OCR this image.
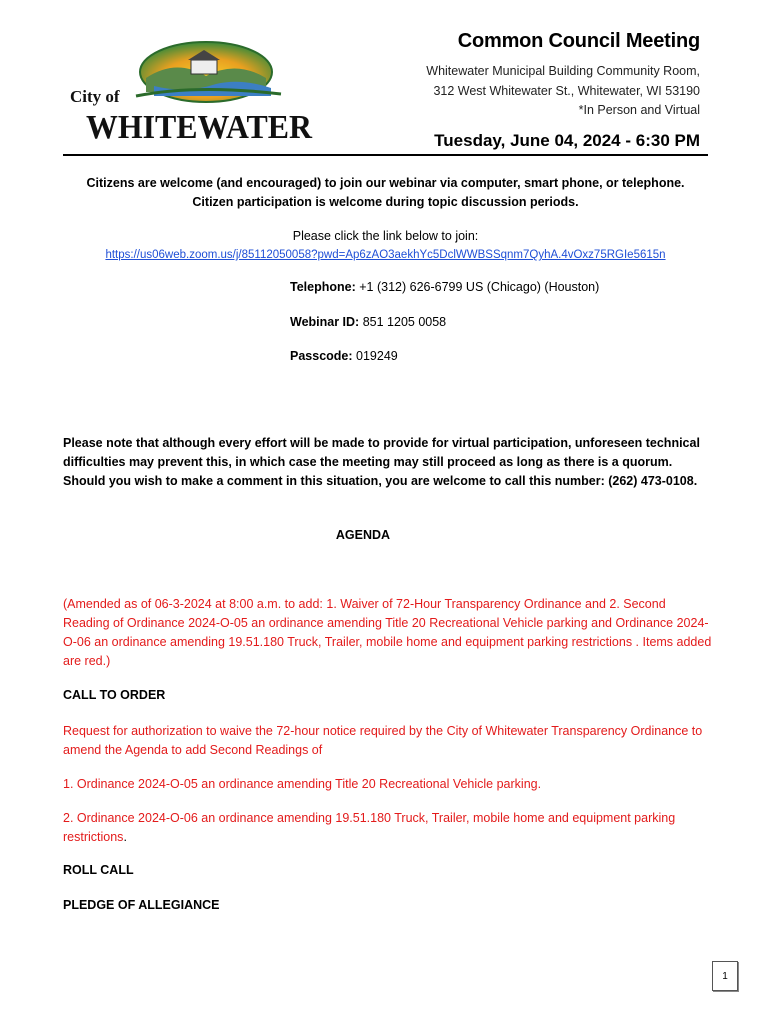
City of
WHITEWATER
Common Council Meeting
Whitewater Municipal Building Community Room,
312 West Whitewater St., Whitewater, WI 53190
*In Person and Virtual
Tuesday, June 04, 2024 - 6:30 PM
Citizens are welcome (and encouraged) to join our webinar via computer, smart phone, or telephone.
Citizen participation is welcome during topic discussion periods.
Please click the link below to join:
https://us06web.zoom.us/j/85112050058?pwd=Ap6zAO3aekhYc5DclWWBSSqnm7QyhA.4vOxz75RGIe5615n
Telephone: +1 (312) 626-6799 US (Chicago) (Houston)
Webinar ID: 851 1205 0058
Passcode: 019249
Please note that although every effort will be made to provide for virtual participation, unforeseen technical difficulties may prevent this, in which case the meeting may still proceed as long as there is a quorum. Should you wish to make a comment in this situation, you are welcome to call this number: (262) 473-0108.
AGENDA
(Amended as of 06-3-2024 at 8:00 a.m. to add: 1. Waiver of 72-Hour Transparency Ordinance and 2. Second Reading of Ordinance 2024-O-05 an ordinance amending Title 20 Recreational Vehicle parking and Ordinance 2024-O-06 an ordinance amending 19.51.180 Truck, Trailer, mobile home and equipment parking restrictions . Items added are red.)
CALL TO ORDER
Request for authorization to waive the 72-hour notice required by the City of Whitewater Transparency Ordinance to amend the Agenda to add Second Readings of
1. Ordinance 2024-O-05 an ordinance amending Title 20 Recreational Vehicle parking.
2. Ordinance 2024-O-06 an ordinance amending 19.51.180 Truck, Trailer, mobile home and equipment parking restrictions.
ROLL CALL
PLEDGE OF ALLEGIANCE
1
